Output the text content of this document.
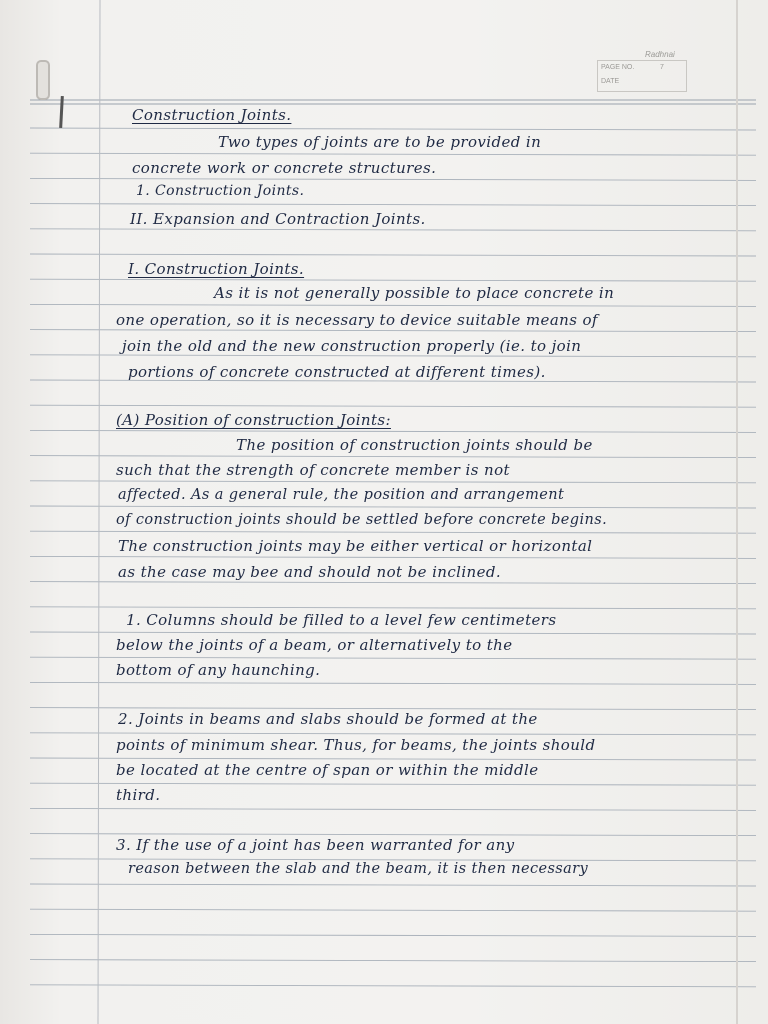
Radhnai
PAGE NO.	7
DATE
Construction Joints.
Two types of joints are to be provided in
concrete work or concrete structures.
1. Construction Joints.
II. Expansion and Contraction Joints.
I. Construction Joints.
As it is not generally possible to place concrete in
one operation, so it is necessary to device suitable means of
join the old and the new construction properly (ie. to join
portions of concrete constructed at different times).
(A) Position of construction Joints:
The position of construction joints should be
such that the strength of concrete member is not
affected. As a general rule, the position and arrangement
of construction joints should be settled before concrete begins.
The construction joints may be either vertical or horizontal
as the case may bee and should not be inclined.
1. Columns should be filled to a level few centimeters
below the joints of a beam, or alternatively to the
bottom of any haunching.
2. Joints in beams and slabs should be formed at the
points of minimum shear. Thus, for beams, the joints should
be located at the centre of span or within the middle
third.
3. If the use of a joint has been warranted for any
reason between the slab and the beam, it is then necessary
